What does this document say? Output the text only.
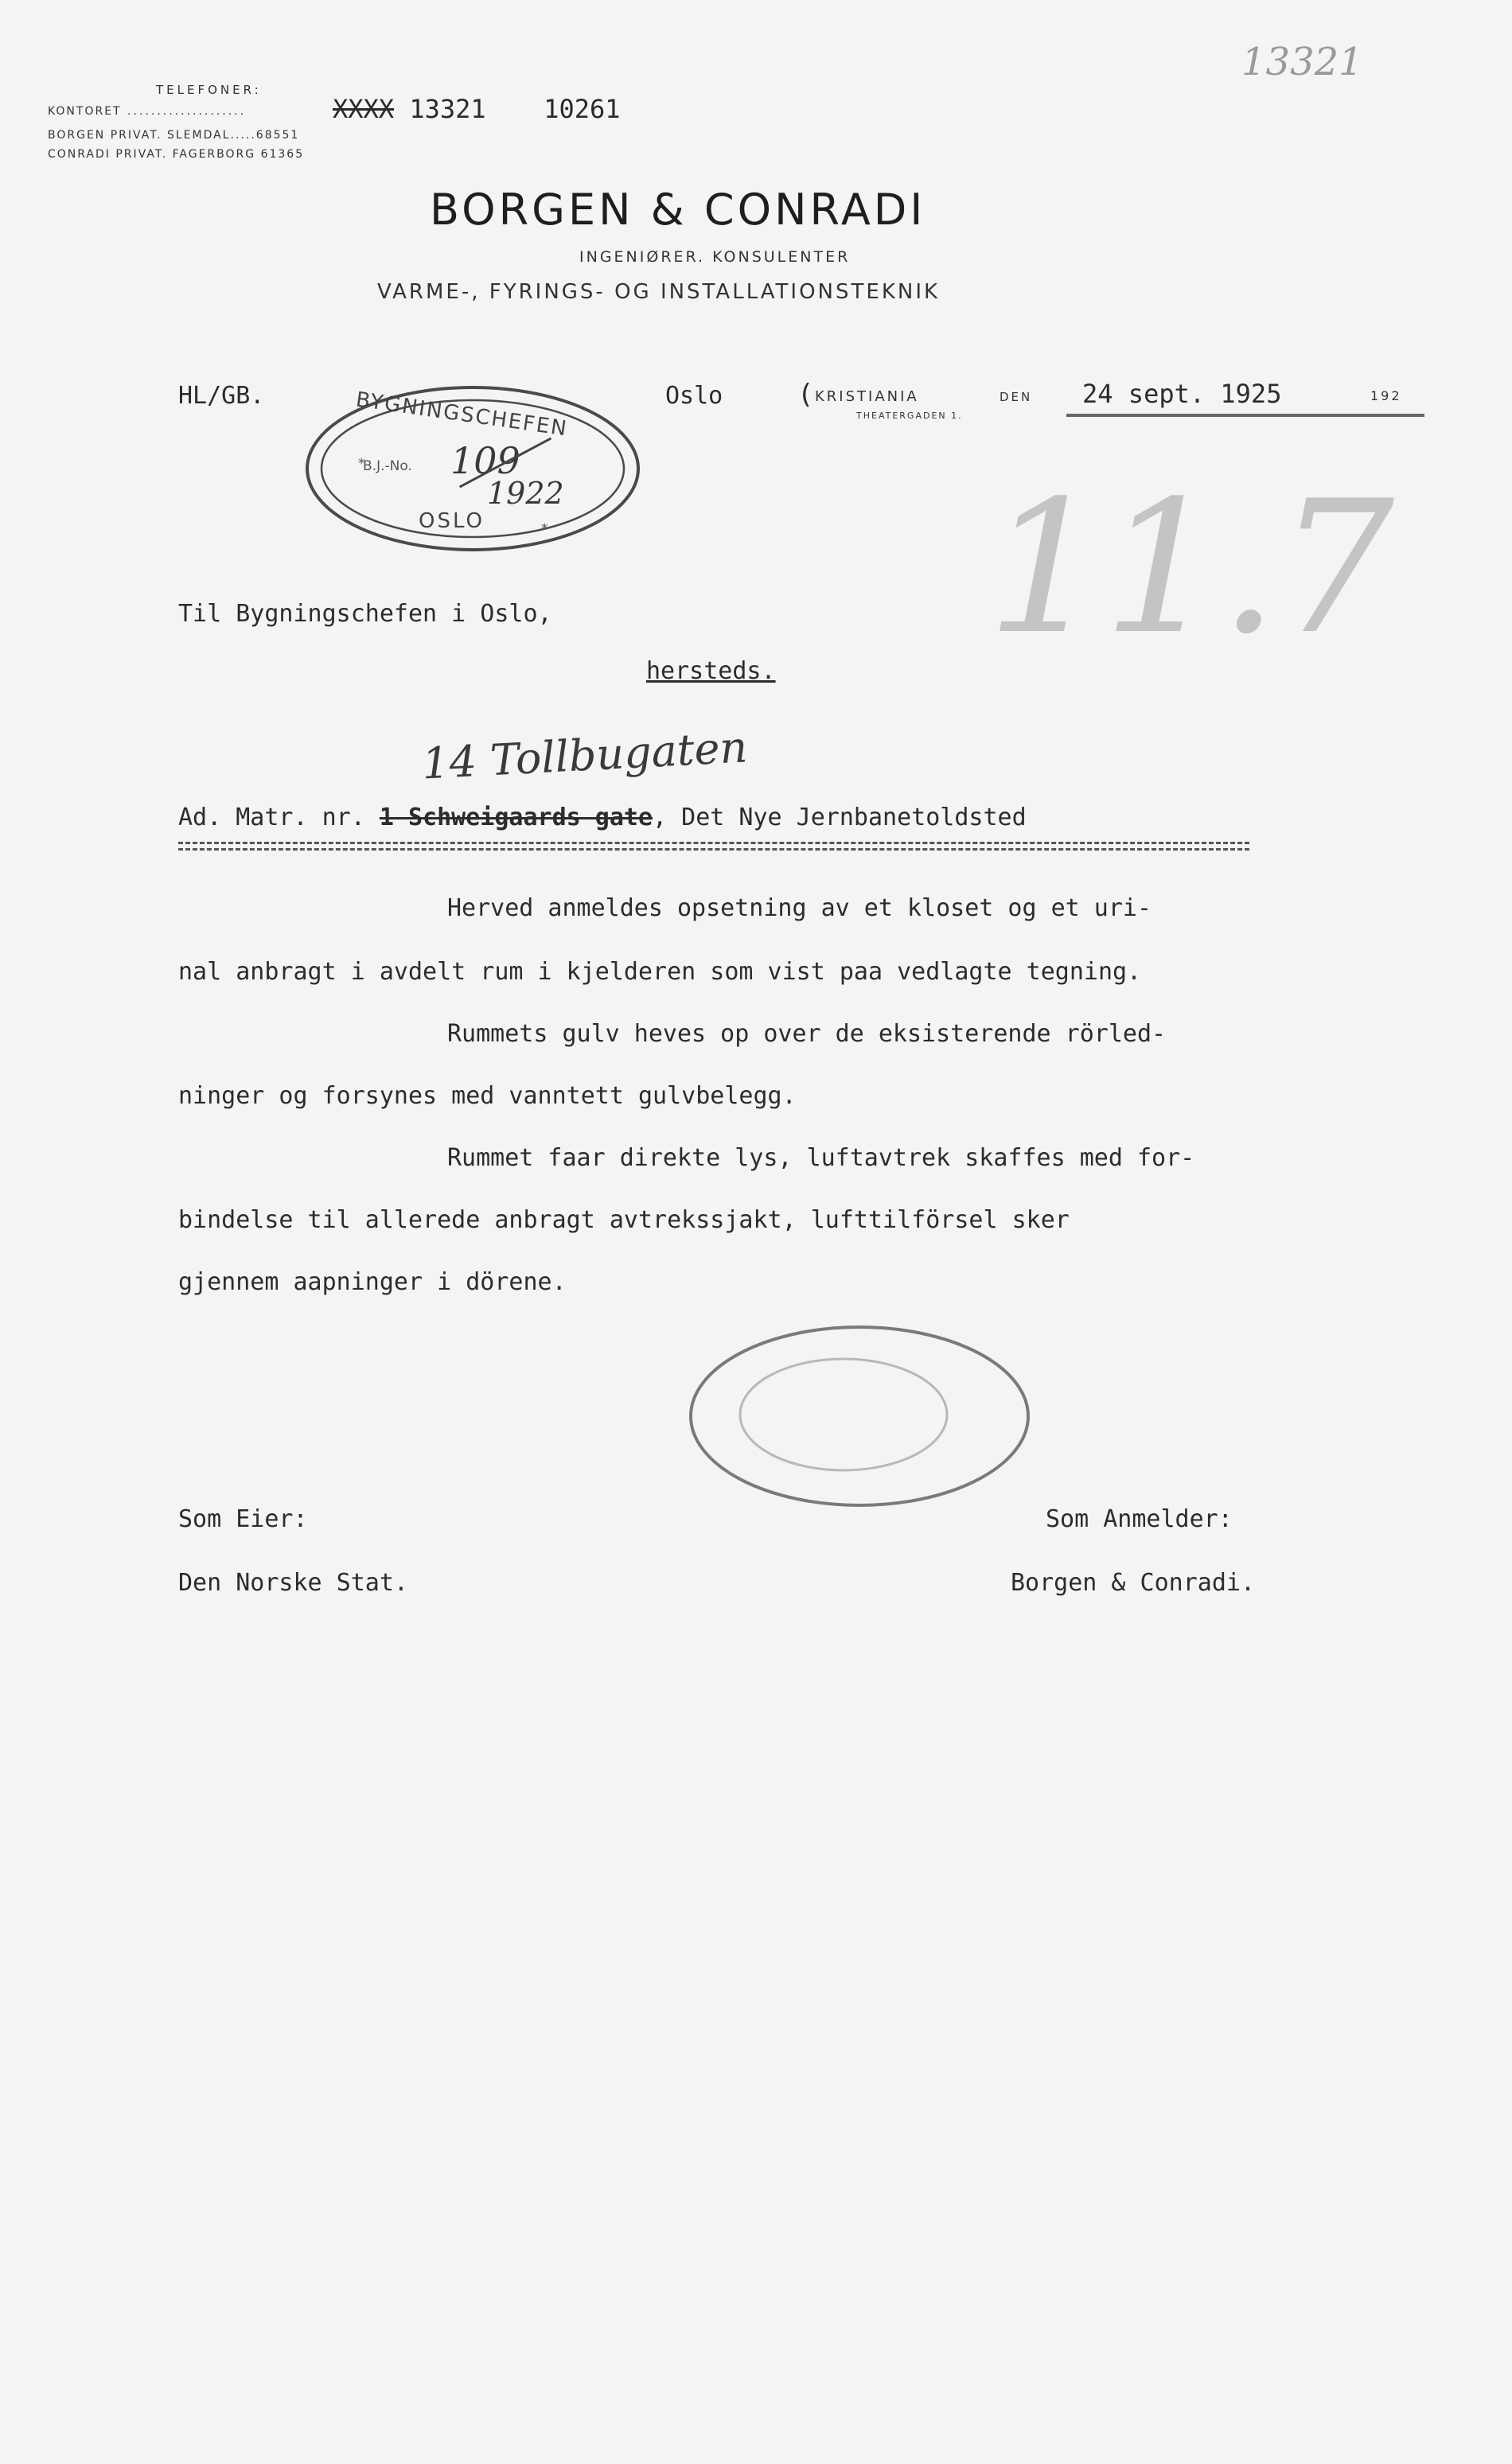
13321
TELEFONER:
KONTORET ....................	XXXX 13321 10261
BORGEN PRIVAT. SLEMDAL.....68551
CONRADI PRIVAT. FAGERBORG 61365
BORGEN & CONRADI
INGENIØRER. KONSULENTER
VARME-, FYRINGS- OG INSTALLATIONSTEKNIK
HL/GB.	Oslo	( KRISTIANIA	DEN
THEATERGADEN 1.
24 sept. 1925	192
*
*
BYGNINGSCHEFEN
B.J.-No. 109
1922
OSLO	11.7
Til Bygningschefen i Oslo,
hersteds.
14 Tollbugaten
Ad. Matr. nr. 1 Schweigaards gate, Det Nye Jernbanetoldsted
Herved anmeldes opsetning av et kloset og et uri-
nal anbragt i avdelt rum i kjelderen som vist paa vedlagte tegning.
Rummets gulv heves op over de eksisterende rörled-
ninger og forsynes med vanntett gulvbelegg.
Rummet faar direkte lys, luftavtrek skaffes med for-
bindelse til allerede anbragt avtrekssjakt, lufttilförsel sker
gjennem aapninger i dörene.
Som Eier:
Den Norske Stat.
Som Anmelder:
Borgen & Conradi.
